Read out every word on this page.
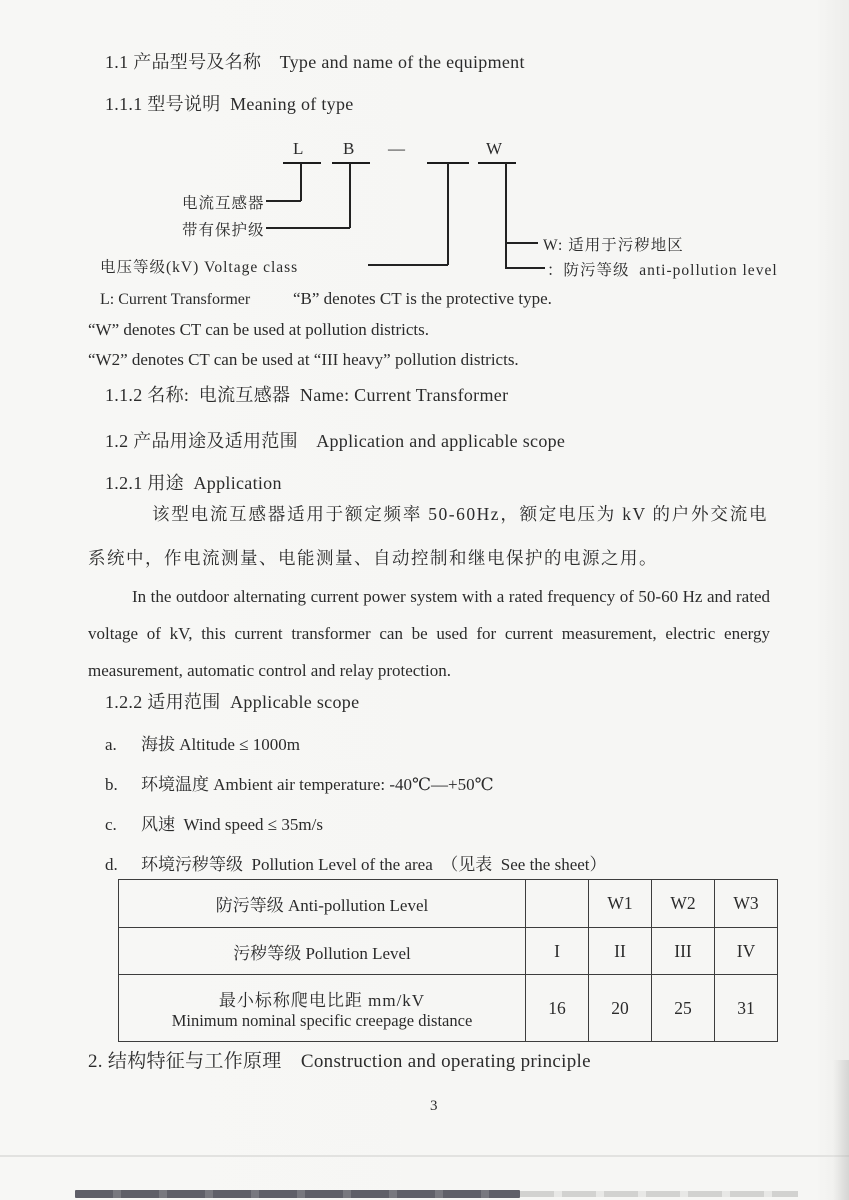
1.1 产品型号及名称　Type and name of the equipment
1.1.1 型号说明  Meaning of type
L B —	W
电流互感器
带有保护级
电压等级(kV) Voltage class
W: 适用于污秽地区
：防污等级  anti-pollution level
L: Current Transformer	“B” denotes CT is the protective type.
“W” denotes CT can be used at pollution districts.
“W2” denotes CT can be used at “III heavy” pollution districts.
1.1.2 名称:  电流互感器  Name: Current Transformer
1.2 产品用途及适用范围　Application and applicable scope
1.2.1 用途  Application
该型电流互感器适用于额定频率 50-60Hz，额定电压为 kV 的户外交流电系统中，作电流测量、电能测量、自动控制和继电保护的电源之用。
In the outdoor alternating current power system with a rated frequency of 50-60 Hz and rated voltage of kV, this current transformer can be used for current measurement, electric energy measurement, automatic control and relay protection.
1.2.2 适用范围  Applicable scope
a. 海拔 Altitude ≤ 1000m
b. 环境温度 Ambient air temperature: -40℃—+50℃
c. 风速  Wind speed ≤ 35m/s
d. 环境污秽等级  Pollution Level of the area　（见表  See the sheet）
防污等级 Anti-pollution Level		W1	W2	W3
污秽等级 Pollution Level	I	II	III	IV

最小标称爬电比距 mm/kV
Minimum nominal specific creepage distance	16	20	25	31
2. 结构特征与工作原理　Construction and operating principle
3
